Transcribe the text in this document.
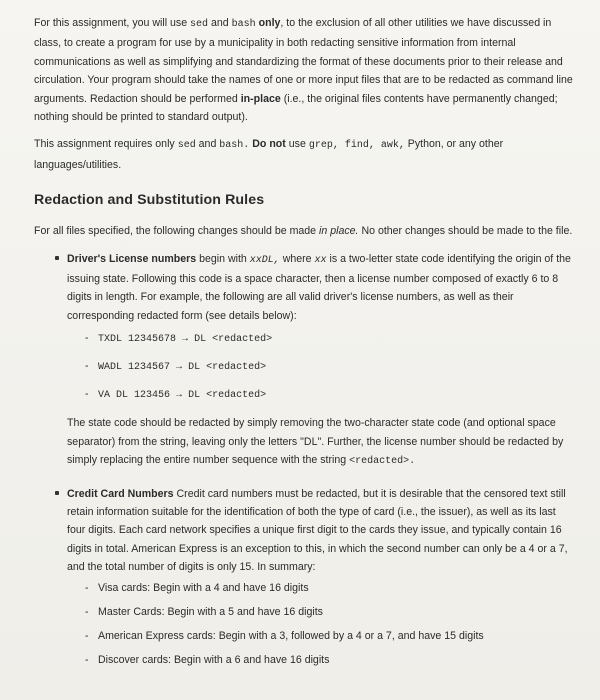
For this assignment, you will use sed and bash only, to the exclusion of all other utilities we have discussed in class, to create a program for use by a municipality in both redacting sensitive information from internal communications as well as simplifying and standardizing the format of these documents prior to their release and circulation. Your program should take the names of one or more input files that are to be redacted as command line arguments. Redaction should be performed in-place (i.e., the original files contents have permanently changed; nothing should be printed to standard output).

This assignment requires only sed and bash. Do not use grep, find, awk, Python, or any other languages/utilities.

Redaction and Substitution Rules

For all files specified, the following changes should be made in place. No other changes should be made to the file.

Driver's License numbers begin with xxDL, where xx is a two-letter state code identifying the origin of the issuing state. Following this code is a space character, then a license number composed of exactly 6 to 8 digits in length. For example, the following are all valid driver's license numbers, as well as their corresponding redacted form (see details below):

- TXDL 12345678 → DL <redacted>
- WADL 1234567 → DL <redacted>
- VA DL 123456 → DL <redacted>

The state code should be redacted by simply removing the two-character state code (and optional space separator) from the string, leaving only the letters "DL". Further, the license number should be redacted by simply replacing the entire number sequence with the string <redacted>.

Credit Card Numbers Credit card numbers must be redacted, but it is desirable that the censored text still retain information suitable for the identification of both the type of card (i.e., the issuer), as well as its last four digits. Each card network specifies a unique first digit to the cards they issue, and typically contain 16 digits in total. American Express is an exception to this, in which the second number can only be a 4 or a 7, and the total number of digits is only 15. In summary:

- Visa cards: Begin with a 4 and have 16 digits
- Master Cards: Begin with a 5 and have 16 digits
- American Express cards: Begin with a 3, followed by a 4 or a 7, and have 15 digits
- Discover cards: Begin with a 6 and have 16 digits
